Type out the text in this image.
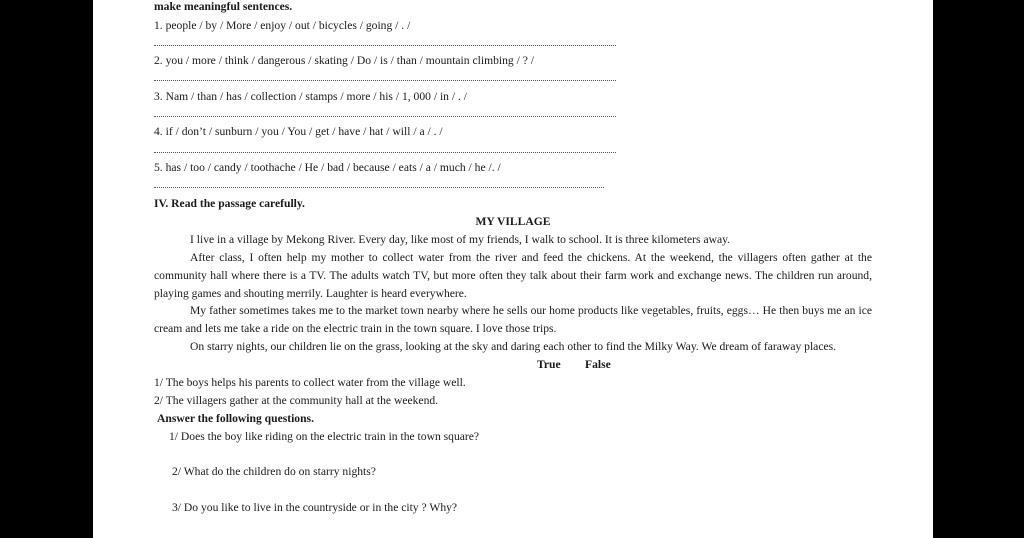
make meaningful sentences.
1. people / by / More / enjoy / out / bicycles / going / . /
2. you / more / think / dangerous / skating / Do / is / than / mountain climbing / ? /
3. Nam / than / has / collection / stamps / more / his / 1, 000 / in / . /
4. if / don’t / sunburn / you / You / get / have / hat / will / a / . /
5. has / too / candy / toothache / He / bad / because / eats / a / much / he /. /
IV. Read the passage carefully.
MY VILLAGE
I live in a village by Mekong River. Every day, like most of my friends, I walk to school. It is three kilometers away.
After class, I often help my mother to collect water from the river and feed the chickens. At the weekend, the villagers often gather at the community hall where there is a TV. The adults watch TV, but more often they talk about their farm work and exchange news. The children run around, playing games and shouting merrily. Laughter is heard everywhere.
My father sometimes takes me to the market town nearby where he sells our home products like vegetables, fruits, eggs… He then buys me an ice cream and lets me take a ride on the electric train in the town square. I love those trips.
On starry nights, our children lie on the grass, looking at the sky and daring each other to find the Milky Way. We dream of faraway places.
True False
1/ The boys helps his parents to collect water from the village well.
2/ The villagers gather at the community hall at the weekend.
Answer the following questions.
1/ Does the boy like riding on the electric train in the town square?
2/ What do the children do on starry nights?
3/ Do you like to live in the countryside or in the city ? Why?
